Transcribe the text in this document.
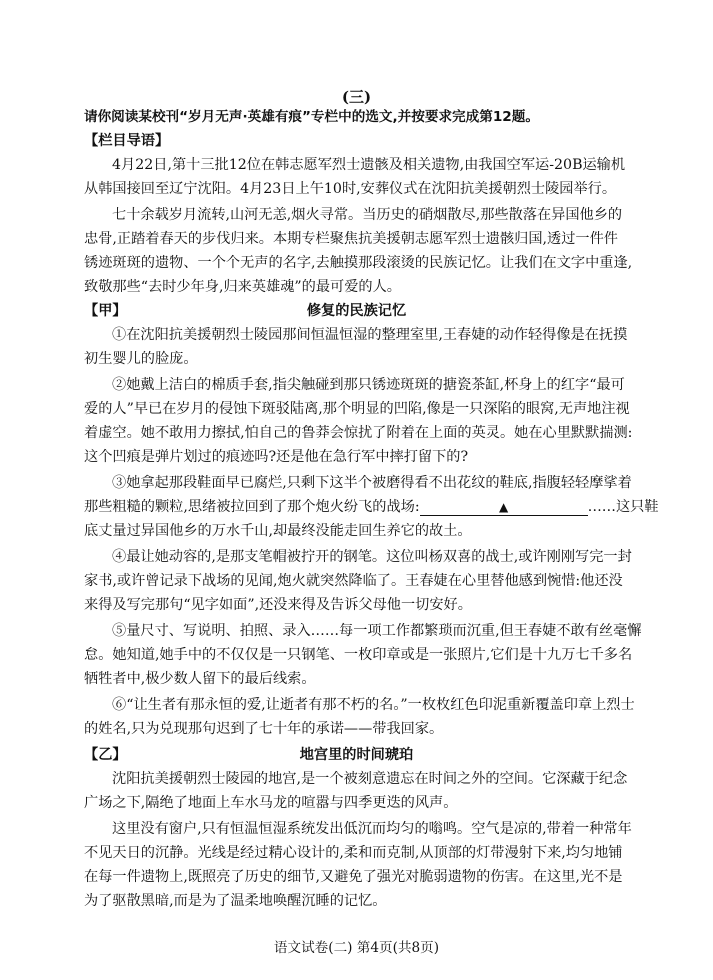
(三)
请你阅读某校刊“岁月无声·英雄有痕”专栏中的选文,并按要求完成第12题。
【栏目导语】
4月22日,第十三批12位在韩志愿军烈士遗骸及相关遗物,由我国空军运-20B运输机
从韩国接回至辽宁沈阳。4月23日上午10时,安葬仪式在沈阳抗美援朝烈士陵园举行。
七十余载岁月流转,山河无恙,烟火寻常。当历史的硝烟散尽,那些散落在异国他乡的
忠骨,正踏着春天的步伐归来。本期专栏聚焦抗美援朝志愿军烈士遗骸归国,透过一件件
锈迹斑斑的遗物、一个个无声的名字,去触摸那段滚烫的民族记忆。让我们在文字中重逢,
致敬那些“去时少年身,归来英雄魂”的最可爱的人。
【甲】	修复的民族记忆
①在沈阳抗美援朝烈士陵园那间恒温恒湿的整理室里,王春婕的动作轻得像是在抚摸
初生婴儿的脸庞。
②她戴上洁白的棉质手套,指尖触碰到那只锈迹斑斑的搪瓷茶缸,杯身上的红字“最可
爱的人”早已在岁月的侵蚀下斑驳陆离,那个明显的凹陷,像是一只深陷的眼窝,无声地注视
着虚空。她不敢用力擦拭,怕自己的鲁莽会惊扰了附着在上面的英灵。她在心里默默揣测:
这个凹痕是弹片划过的痕迹吗?还是他在急行军中摔打留下的?
③她拿起那段鞋面早已腐烂,只剩下这半个被磨得看不出花纹的鞋底,指腹轻轻摩挲着
那些粗糙的颗粒,思绪被拉回到了那个炮火纷飞的战场:	▲	……这只鞋
底丈量过异国他乡的万水千山,却最终没能走回生养它的故土。
④最让她动容的,是那支笔帽被拧开的钢笔。这位叫杨双喜的战士,或许刚刚写完一封
家书,或许曾记录下战场的见闻,炮火就突然降临了。王春婕在心里替他感到惋惜:他还没
来得及写完那句“见字如面”,还没来得及告诉父母他一切安好。
⑤量尺寸、写说明、拍照、录入……每一项工作都繁琐而沉重,但王春婕不敢有丝毫懈
怠。她知道,她手中的不仅仅是一只钢笔、一枚印章或是一张照片,它们是十九万七千多名
牺牲者中,极少数人留下的最后线索。
⑥“让生者有那永恒的爱,让逝者有那不朽的名。”一枚枚红色印泥重新覆盖印章上烈士
的姓名,只为兑现那句迟到了七十年的承诺——带我回家。
【乙】	地宫里的时间琥珀
沈阳抗美援朝烈士陵园的地宫,是一个被刻意遗忘在时间之外的空间。它深藏于纪念
广场之下,隔绝了地面上车水马龙的喧嚣与四季更迭的风声。
这里没有窗户,只有恒温恒湿系统发出低沉而均匀的嗡鸣。空气是凉的,带着一种常年
不见天日的沉静。光线是经过精心设计的,柔和而克制,从顶部的灯带漫射下来,均匀地铺
在每一件遗物上,既照亮了历史的细节,又避免了强光对脆弱遗物的伤害。在这里,光不是
为了驱散黑暗,而是为了温柔地唤醒沉睡的记忆。
语文试卷(二) 第4页(共8页)
